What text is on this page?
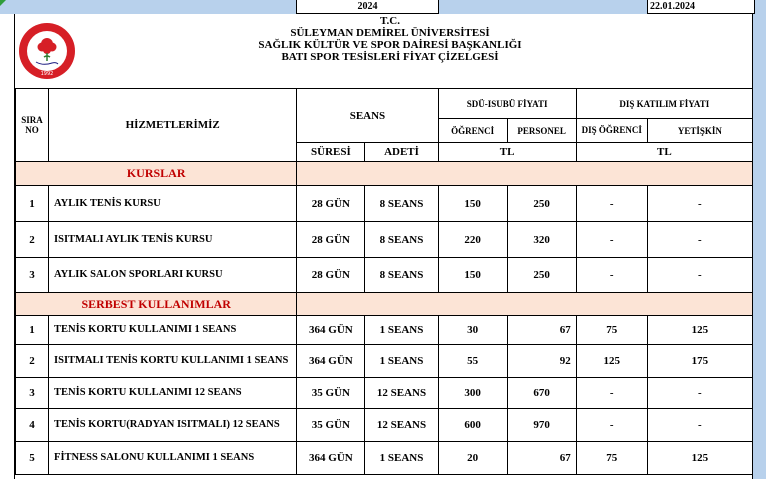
2024	22.01.2024
1992
T.C.
SÜLEYMAN DEMİREL ÜNİVERSİTESİ
SAĞLIK KÜLTÜR VE SPOR DAİRESİ BAŞKANLIĞI
BATI SPOR TESİSLERİ FİYAT ÇİZELGESİ
SIRA NO	HİZMETLERİMİZ	SEANS		SDÜ-ISUBÜ FİYATI		DIŞ KATILIM FİYATI	
				ÖĞRENCİ	PERSONEL	DIŞ ÖĞRENCİ	YETİŞKİN
		SÜRESİ	ADETİ	TL		TL	
KURSLAR							
1	AYLIK TENİS KURSU	28 GÜN	8 SEANS	150	250	-	-
2	ISITMALI AYLIK TENİS KURSU	28 GÜN	8 SEANS	220	320	-	-
3	AYLIK SALON SPORLARI KURSU	28 GÜN	8 SEANS	150	250	-	-
SERBEST KULLANIMLAR							
1	TENİS KORTU KULLANIMI 1 SEANS	364 GÜN	1 SEANS	30	67	75	125
2	ISITMALI TENİS KORTU KULLANIMI 1 SEANS	364 GÜN	1 SEANS	55	92	125	175
3	TENİS KORTU KULLANIMI 12 SEANS	35 GÜN	12 SEANS	300	670	-	-
4	TENİS KORTU(RADYAN ISITMALI) 12 SEANS	35 GÜN	12 SEANS	600	970	-	-
5	FİTNESS SALONU KULLANIMI 1 SEANS	364 GÜN	1 SEANS	20	67	75	125
